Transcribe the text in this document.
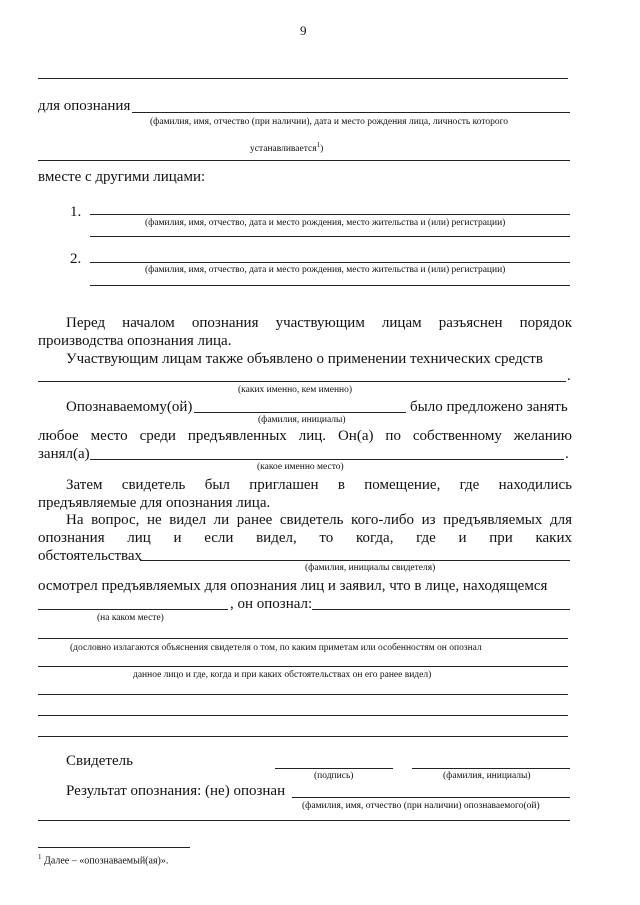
9
для опознания
(фамилия, имя, отчество (при наличии), дата и место рождения лица, личность которого
устанавливается$^1$)
вместе с другими лицами:
1.
(фамилия, имя, отчество, дата и место рождения, место жительства и (или) регистрации)
2.
(фамилия, имя, отчество, дата и место рождения, место жительства и (или) регистрации)
Перед началом опознания участвующим лицам разъяснен порядок
производства опознания лица.
Участвующим лицам также объявлено о применении технических средств
.
(каких именно, кем именно)
Опознаваемому(ой)	было предложено занять
(фамилия, инициалы)
любое место среди предъявленных лиц. Он(а) по собственному желанию
занял(а)	.
(какое именно место)
Затем свидетель был приглашен в помещение, где находились
предъявляемые для опознания лица.
На вопрос, не видел ли ранее свидетель кого-либо из предъявляемых для
опознания лиц и если видел, то когда, где и при каких
обстоятельствах
(фамилия, инициалы свидетеля)
осмотрел предъявляемых для опознания лиц и заявил, что в лице, находящемся
, он опознал:
(на каком месте)
(дословно излагаются объяснения свидетеля о том, по каким приметам или особенностям он опознал
данное лицо и где, когда и при каких обстоятельствах он его ранее видел)
Свидетель
(подпись)	(фамилия, инициалы)
Результат опознания: (не) опознан
(фамилия, имя, отчество (при наличии) опознаваемого(ой)
$^1$ Далее – «опознаваемый(ая)».
